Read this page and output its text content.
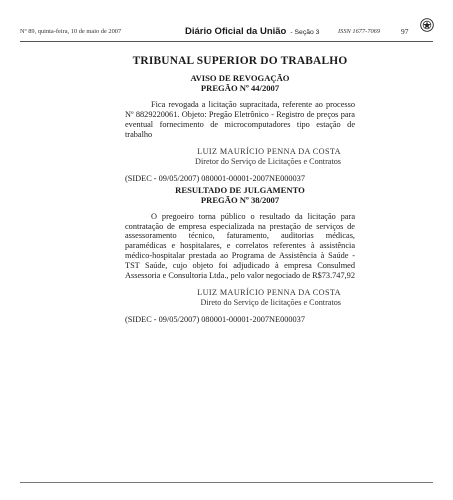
Nº 89, quinta-feira, 10 de maio de 2007	Diário Oficial da União - Seção 3	ISSN 1677-7069	97
TRIBUNAL SUPERIOR DO TRABALHO
AVISO DE REVOGAÇÃO
PREGÃO Nº 44/2007
Fica revogada a licitação supracitada, referente ao processo Nº 8829220061. Objeto: Pregão Eletrônico - Registro de preços para eventual fornecimento de microcomputadores tipo estação de trabalho
LUIZ MAURÍCIO PENNA DA COSTA
Diretor do Serviço de Licitações e Contratos
(SIDEC - 09/05/2007) 080001-00001-2007NE000037
RESULTADO DE JULGAMENTO
PREGÃO Nº 38/2007
O pregoeiro torna público o resultado da licitação para contratação de empresa especializada na prestação de serviços de assessoramento técnico, faturamento, auditorias médicas, paramédicas e hospitalares, e correlatos referentes à assistência médico-hospitalar prestada ao Programa de Assistência à Saúde - TST Saúde, cujo objeto foi adjudicado à empresa Consulmed Assessoria e Consultoria Ltda., pelo valor negociado de R$73.747,92
LUIZ MAURÍCIO PENNA DA COSTA
Direto do Serviço de licitações e Contratos
(SIDEC - 09/05/2007) 080001-00001-2007NE000037
